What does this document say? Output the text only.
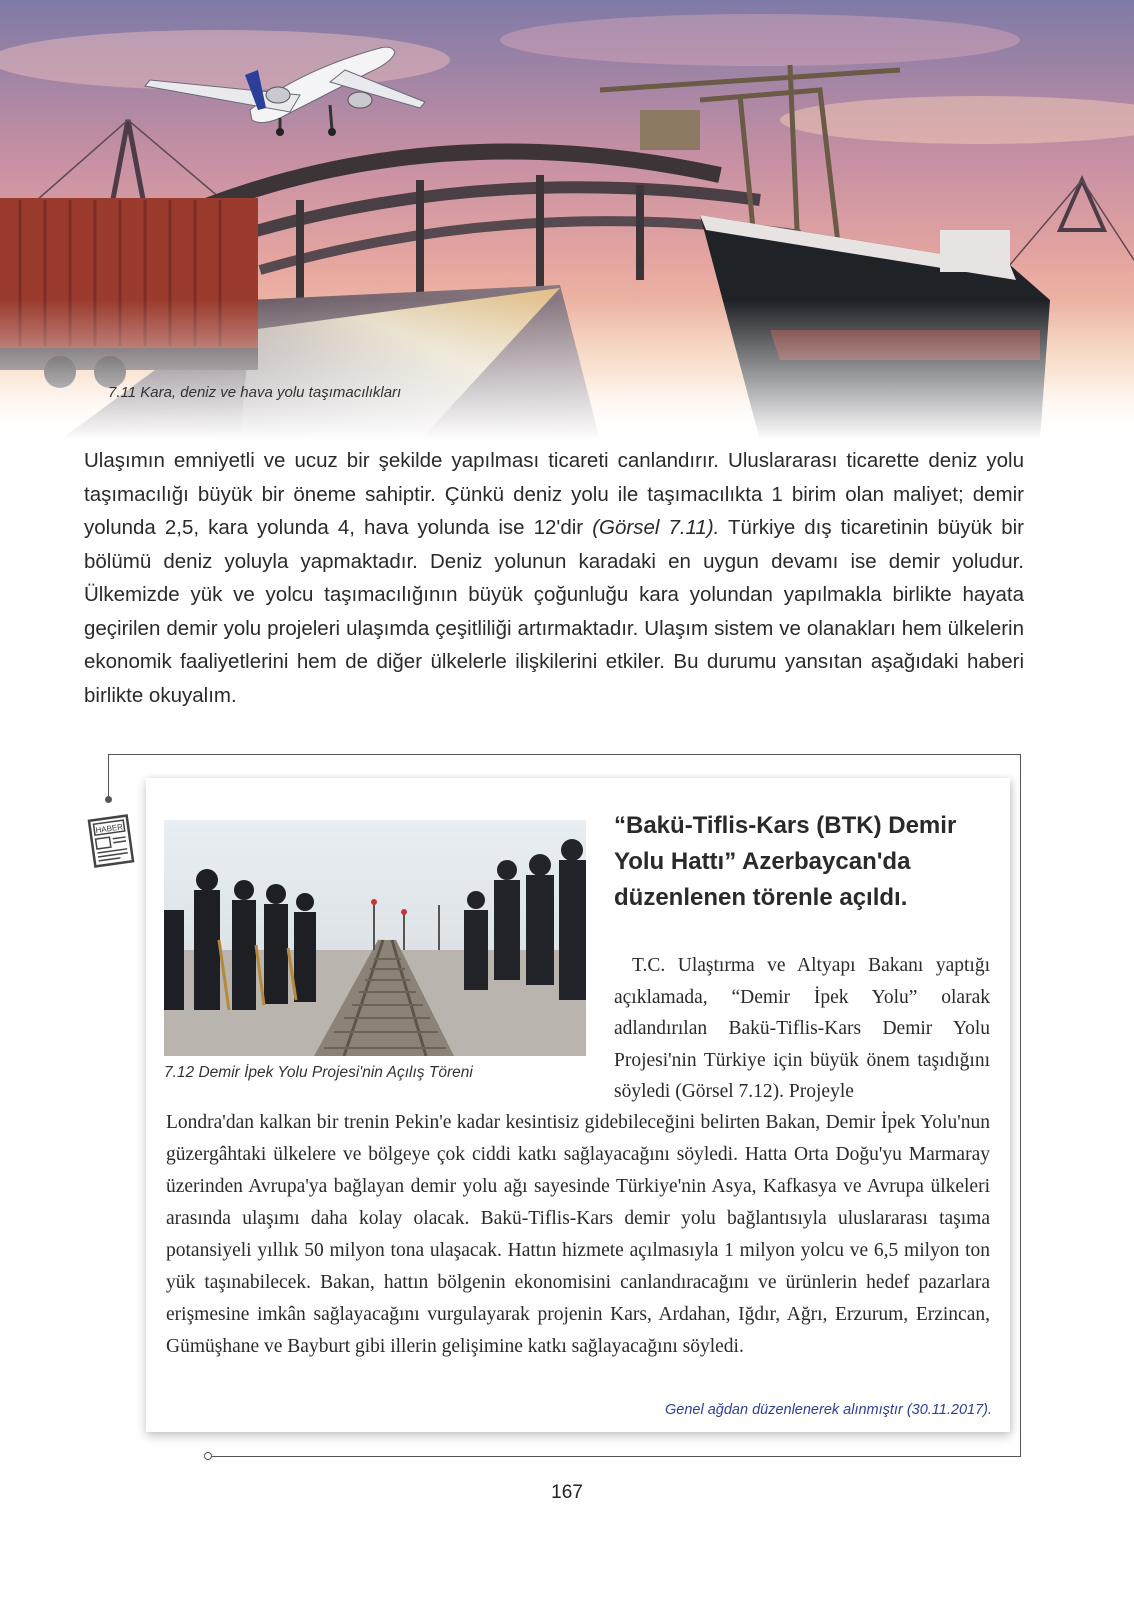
7.11 Kara, deniz ve hava yolu taşımacılıkları

Ulaşımın emniyetli ve ucuz bir şekilde yapılması ticareti canlandırır. Uluslararası ticarette deniz yolu taşımacılığı büyük bir öneme sahiptir. Çünkü deniz yolu ile taşımacılıkta 1 birim olan maliyet; demir yolunda 2,5, kara yolunda 4, hava yolunda ise 12'dir (Görsel 7.11). Türkiye dış ticaretinin büyük bir bölümü deniz yoluyla yapmaktadır. Deniz yolunun karadaki en uygun devamı ise demir yoludur. Ülkemizde yük ve yolcu taşımacılığının büyük çoğunluğu kara yolundan yapılmakla birlikte hayata geçirilen demir yolu projeleri ulaşımda çeşitliliği artırmaktadır. Ulaşım sistem ve olanakları hem ülkelerin ekonomik faaliyetlerini hem de diğer ülkelerle ilişkilerini etkiler. Bu durumu yansıtan aşağıdaki haberi birlikte okuyalım.

HABER
7.12 Demir İpek Yolu Projesi'nin Açılış Töreni
“Bakü-Tiflis-Kars (BTK) Demir Yolu Hattı” Azerbaycan'da düzenlenen törenle açıldı.

T.C. Ulaştırma ve Altyapı Bakanı yaptığı açıklamada, “Demir İpek Yolu” olarak adlandırılan Bakü-Tiflis-Kars Demir Yolu Projesi'nin Türkiye için büyük önem taşıdığını söyledi (Görsel 7.12). Projeyle

Londra'dan kalkan bir trenin Pekin'e kadar kesintisiz gidebileceğini belirten Bakan, Demir İpek Yolu'nun güzergâhtaki ülkelere ve bölgeye çok ciddi katkı sağlayacağını söyledi. Hatta Orta Doğu'yu Marmaray üzerinden Avrupa'ya bağlayan demir yolu ağı sayesinde Türkiye'nin Asya, Kafkasya ve Avrupa ülkeleri arasında ulaşımı daha kolay olacak. Bakü-Tiflis-Kars demir yolu bağlantısıyla uluslararası taşıma potansiyeli yıllık 50 milyon tona ulaşacak. Hattın hizmete açılmasıyla 1 milyon yolcu ve 6,5 milyon ton yük taşınabilecek. Bakan, hattın bölgenin ekonomisini canlandıracağını ve ürünlerin hedef pazarlara erişmesine imkân sağlayacağını vurgulayarak projenin Kars, Ardahan, Iğdır, Ağrı, Erzurum, Erzincan, Gümüşhane ve Bayburt gibi illerin gelişimine katkı sağlayacağını söyledi.

Genel ağdan düzenlenerek alınmıştır (30.11.2017).
167
